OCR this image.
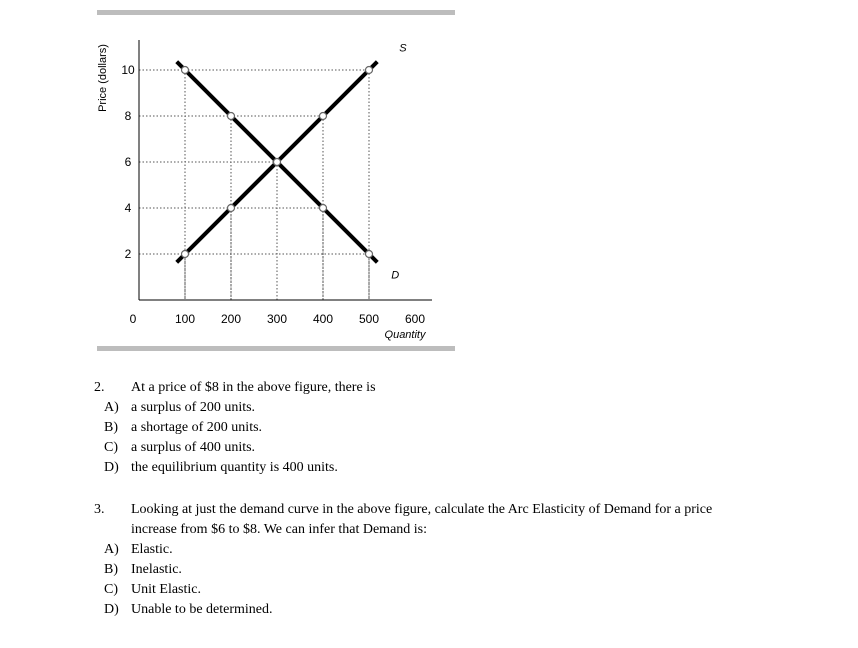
Price (dollars)
Quantity
S
D
0	100 200 300 400 500 600
2
4
6
8
10
2. At a price of $8 in the above figure, there is
A) a surplus of 200 units.
B) a shortage of 200 units.
C) a surplus of 400 units.
D) the equilibrium quantity is 400 units.
3. Looking at just the demand curve in the above figure, calculate the Arc Elasticity of Demand for a price
increase from $6 to $8. We can infer that Demand is:
A) Elastic.
B) Inelastic.
C) Unit Elastic.
D) Unable to be determined.
